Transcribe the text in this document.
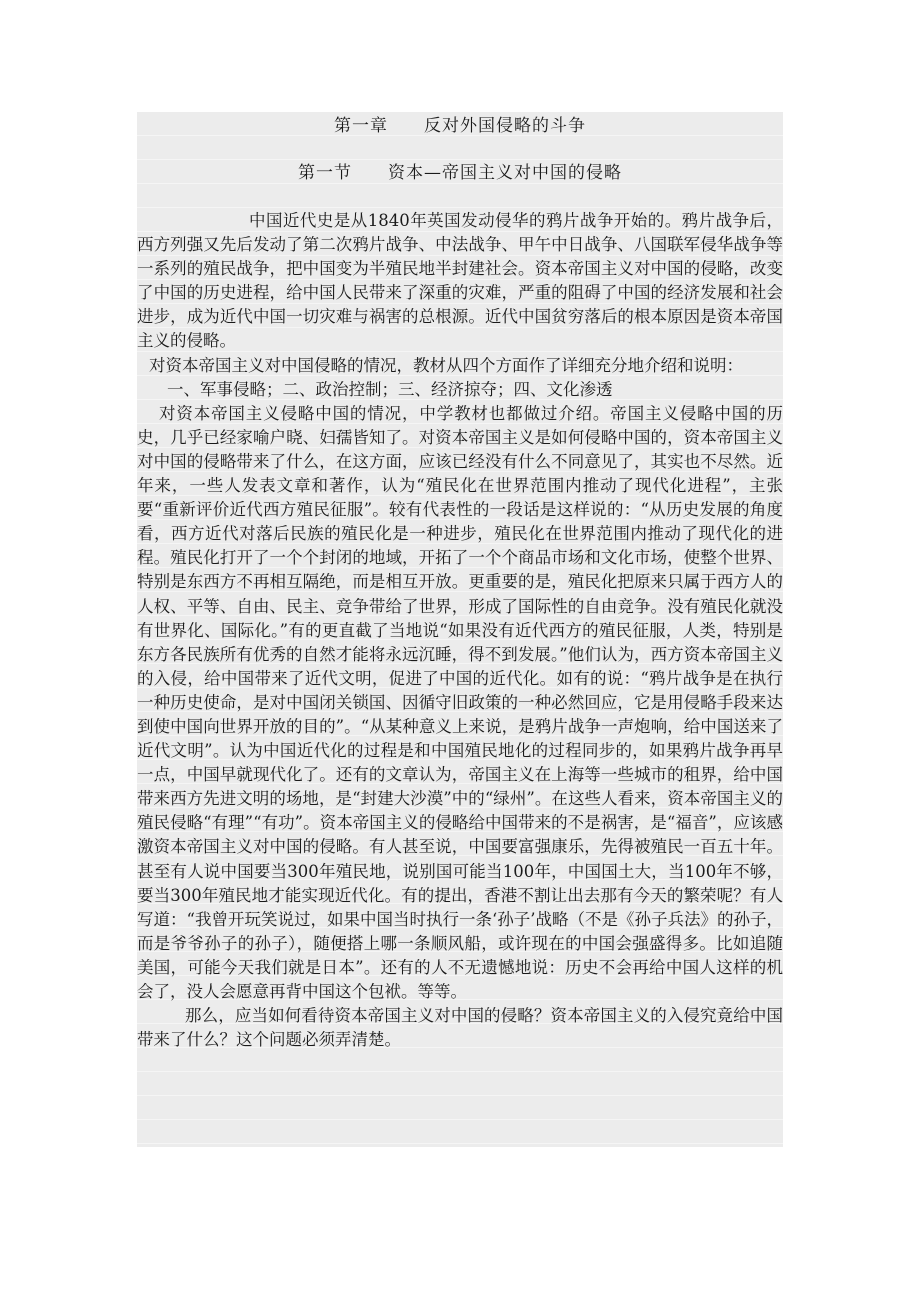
第一章 反对外国侵略的斗争
第一节 资本—帝国主义对中国的侵略

中国近代史是从1840年英国发动侵华的鸦片战争开始的。鸦片战争后，西方列强又先后发动了第二次鸦片战争、中法战争、甲午中日战争、八国联军侵华战争等一系列的殖民战争，把中国变为半殖民地半封建社会。资本帝国主义对中国的侵略，改变了中国的历史进程，给中国人民带来了深重的灾难，严重的阻碍了中国的经济发展和社会进步，成为近代中国一切灾难与祸害的总根源。近代中国贫穷落后的根本原因是资本帝国主义的侵略。

对资本帝国主义对中国侵略的情况，教材从四个方面作了详细充分地介绍和说明：

一、军事侵略；二、政治控制；三、经济掠夺；四、文化渗透

对资本帝国主义侵略中国的情况，中学教材也都做过介绍。帝国主义侵略中国的历史，几乎已经家喻户晓、妇孺皆知了。对资本帝国主义是如何侵略中国的，资本帝国主义对中国的侵略带来了什么，在这方面，应该已经没有什么不同意见了，其实也不尽然。近年来，一些人发表文章和著作，认为“殖民化在世界范围内推动了现代化进程”，主张要“重新评价近代西方殖民征服”。较有代表性的一段话是这样说的：“从历史发展的角度看，西方近代对落后民族的殖民化是一种进步，殖民化在世界范围内推动了现代化的进程。殖民化打开了一个个封闭的地域，开拓了一个个商品市场和文化市场，使整个世界、特别是东西方不再相互隔绝，而是相互开放。更重要的是，殖民化把原来只属于西方人的人权、平等、自由、民主、竞争带给了世界，形成了国际性的自由竞争。没有殖民化就没有世界化、国际化。”有的更直截了当地说“如果没有近代西方的殖民征服，人类，特别是东方各民族所有优秀的自然才能将永远沉睡，得不到发展。”他们认为，西方资本帝国主义的入侵，给中国带来了近代文明，促进了中国的近代化。如有的说：“鸦片战争是在执行一种历史使命，是对中国闭关锁国、因循守旧政策的一种必然回应，它是用侵略手段来达到使中国向世界开放的目的”。“从某种意义上来说，是鸦片战争一声炮响，给中国送来了近代文明”。认为中国近代化的过程是和中国殖民地化的过程同步的，如果鸦片战争再早一点，中国早就现代化了。还有的文章认为，帝国主义在上海等一些城市的租界，给中国带来西方先进文明的场地，是“封建大沙漠”中的“绿州”。在这些人看来，资本帝国主义的殖民侵略“有理”“有功”。资本帝国主义的侵略给中国带来的不是祸害，是“福音”，应该感激资本帝国主义对中国的侵略。有人甚至说，中国要富强康乐，先得被殖民一百五十年。甚至有人说中国要当300年殖民地，说别国可能当100年，中国国土大，当100年不够，要当300年殖民地才能实现近代化。有的提出，香港不割让出去那有今天的繁荣呢？有人写道：“我曾开玩笑说过，如果中国当时执行一条‘孙子’战略（不是《孙子兵法》的孙子，而是爷爷孙子的孙子），随便搭上哪一条顺风船，或许现在的中国会强盛得多。比如追随美国，可能今天我们就是日本”。还有的人不无遗憾地说：历史不会再给中国人这样的机会了，没人会愿意再背中国这个包袱。等等。

那么，应当如何看待资本帝国主义对中国的侵略？资本帝国主义的入侵究竟给中国带来了什么？这个问题必须弄清楚。
